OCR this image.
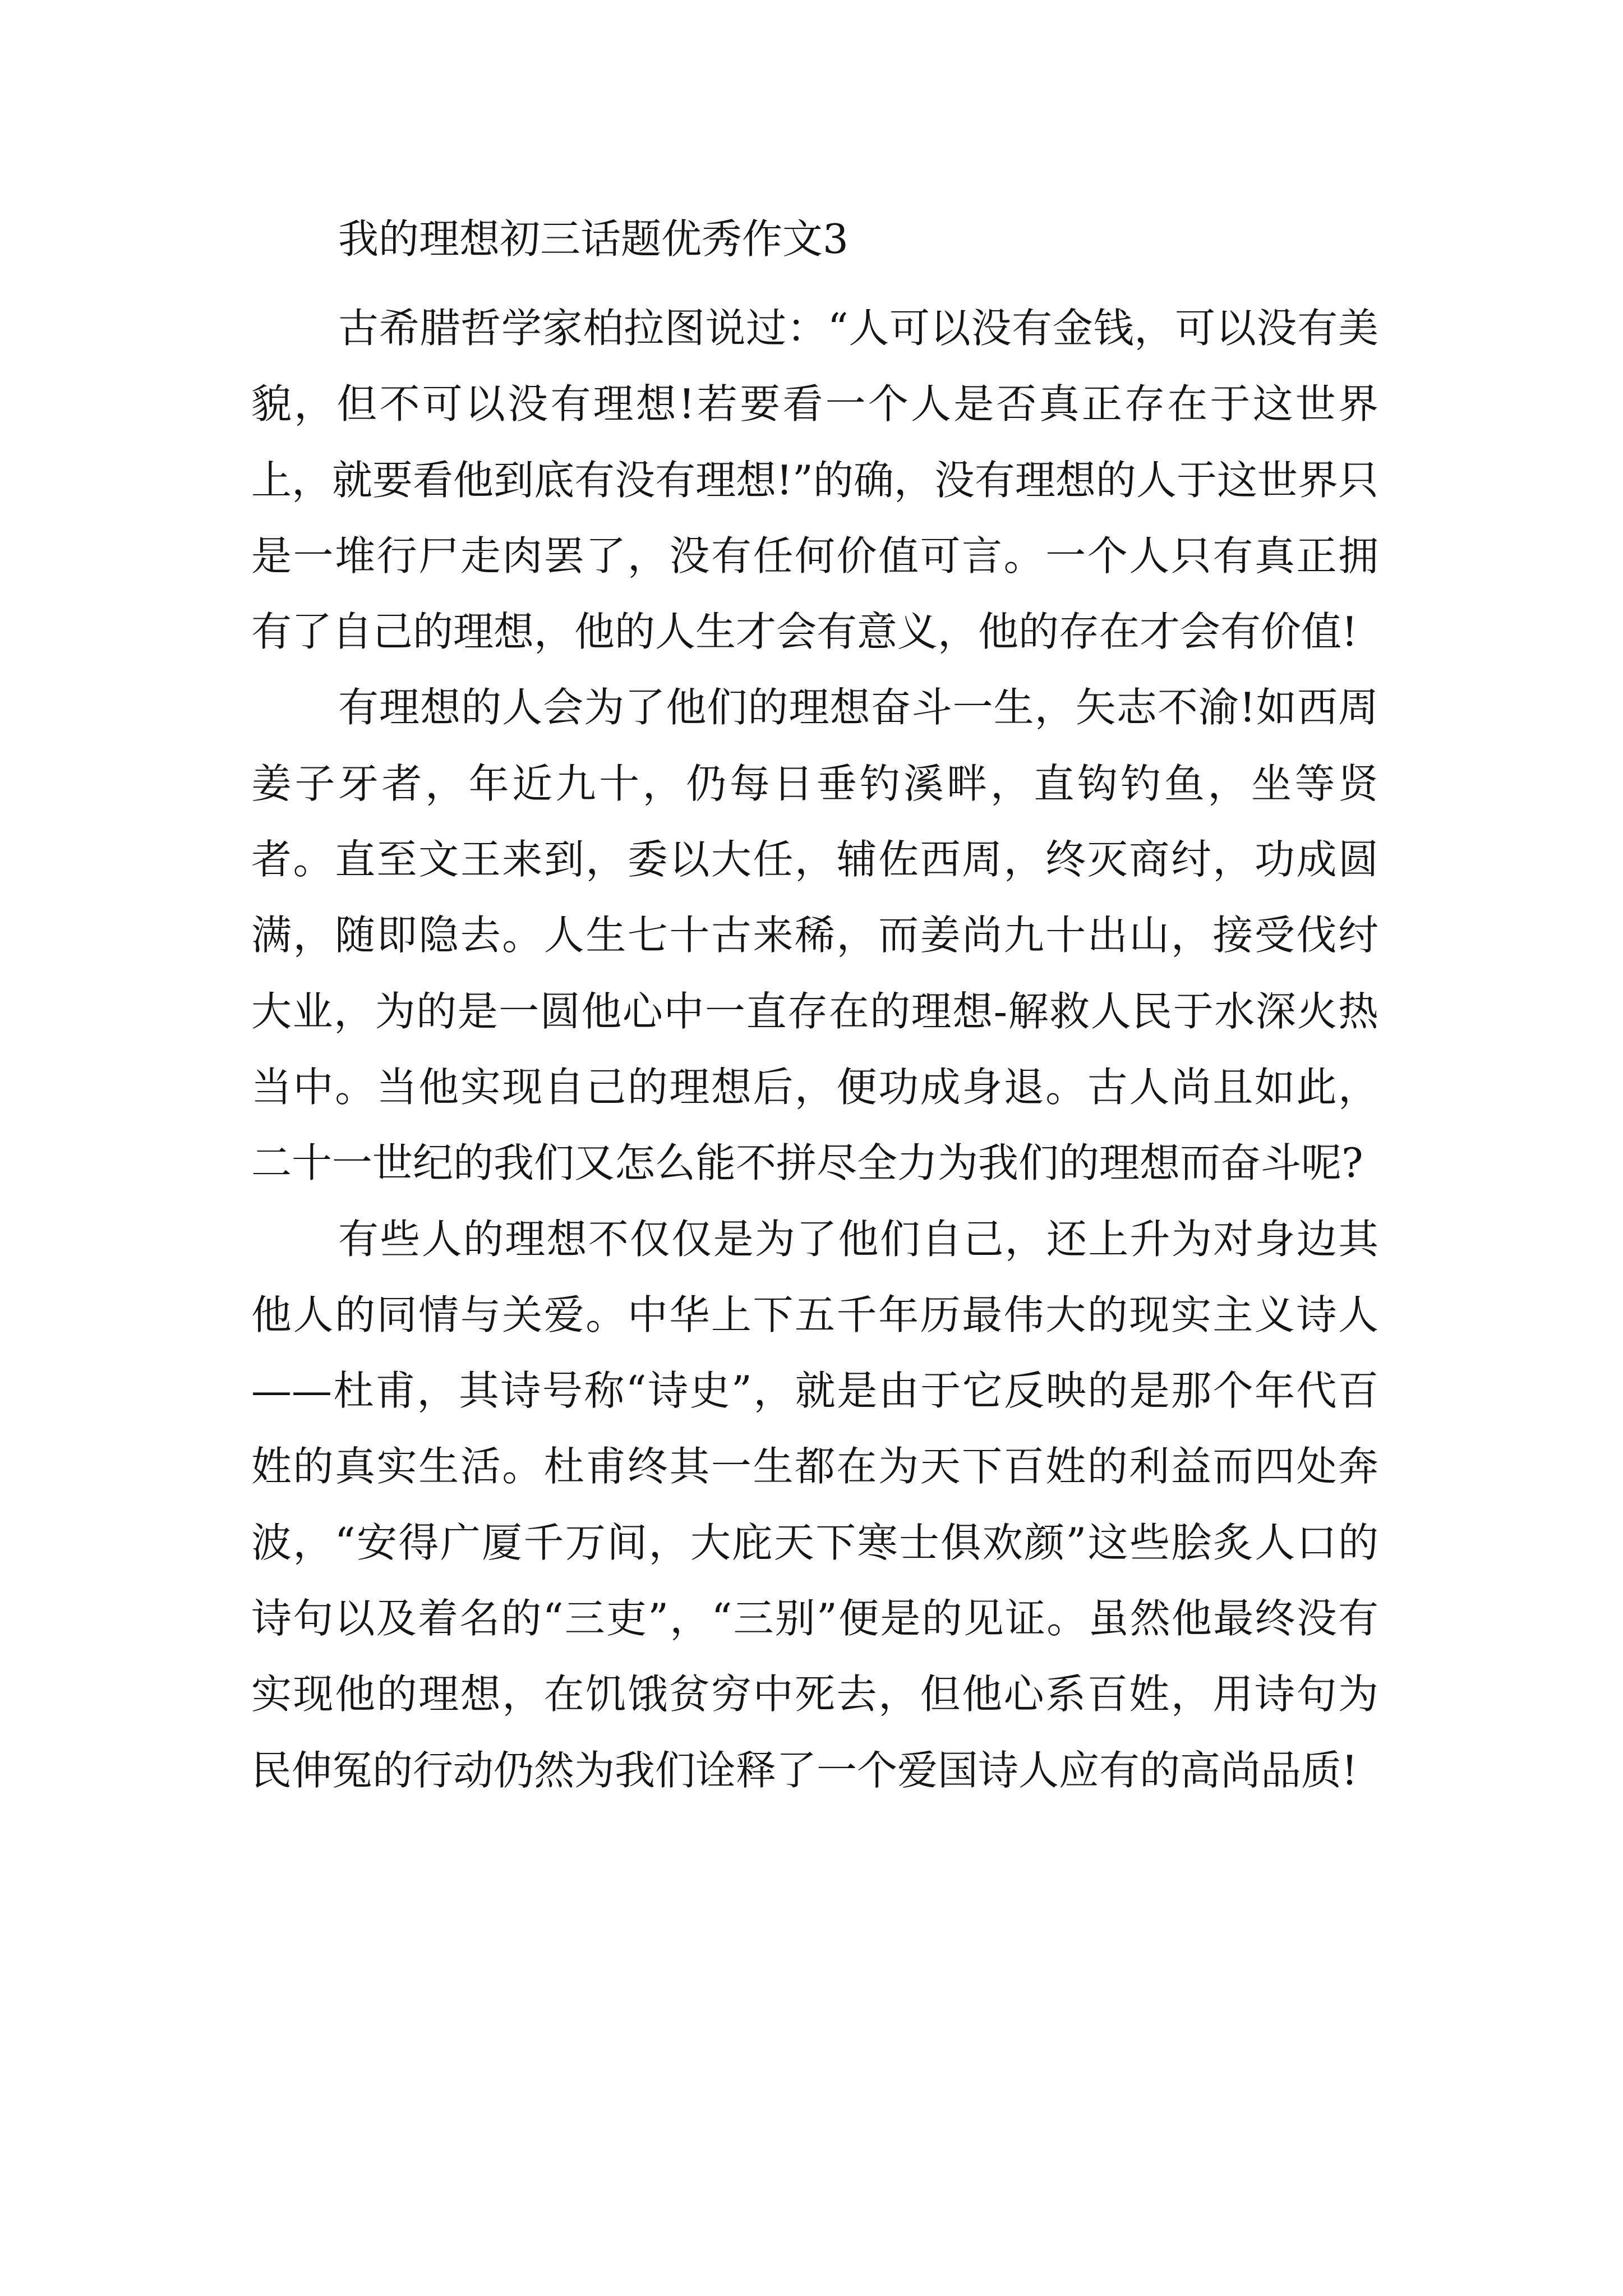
我的理想初三话题优秀作文3

古希腊哲学家柏拉图说过：“人可以没有金钱，可以没有美貌，但不可以没有理想!若要看一个人是否真正存在于这世界上，就要看他到底有没有理想!”的确，没有理想的人于这世界只是一堆行尸走肉罢了，没有任何价值可言。一个人只有真正拥有了自己的理想，他的人生才会有意义，他的存在才会有价值!

有理想的人会为了他们的理想奋斗一生，矢志不渝!如西周姜子牙者，年近九十，仍每日垂钓溪畔，直钩钓鱼，坐等贤者。直至文王来到，委以大任，辅佐西周，终灭商纣，功成圆满，随即隐去。人生七十古来稀，而姜尚九十出山，接受伐纣大业，为的是一圆他心中一直存在的理想-解救人民于水深火热当中。当他实现自己的理想后，便功成身退。古人尚且如此，二十一世纪的我们又怎么能不拼尽全力为我们的理想而奋斗呢?

有些人的理想不仅仅是为了他们自己，还上升为对身边其他人的同情与关爱。中华上下五千年历最伟大的现实主义诗人——杜甫，其诗号称“诗史”，就是由于它反映的是那个年代百姓的真实生活。杜甫终其一生都在为天下百姓的利益而四处奔波，“安得广厦千万间，大庇天下寒士俱欢颜”这些脍炙人口的诗句以及着名的“三吏”，“三别”便是的见证。虽然他最终没有实现他的理想，在饥饿贫穷中死去，但他心系百姓，用诗句为民伸冤的行动仍然为我们诠释了一个爱国诗人应有的高尚品质!
